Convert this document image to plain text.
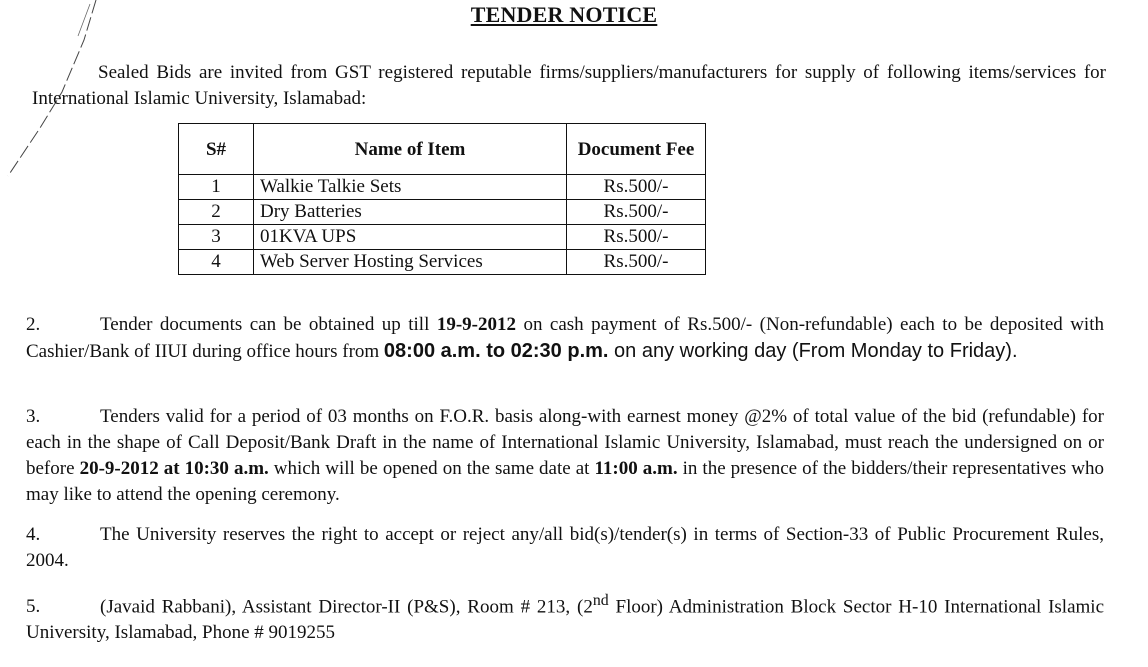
TENDER NOTICE
Sealed Bids are invited from GST registered reputable firms/suppliers/manufacturers for supply of following items/services for International Islamic University, Islamabad:
S#	Name of Item	Document Fee
1	Walkie Talkie Sets	Rs.500/-
2	Dry Batteries	Rs.500/-
3	01KVA UPS	Rs.500/-
4	Web Server Hosting Services	Rs.500/-
2.	Tender documents can be obtained up till 19-9-2012 on cash payment of Rs.500/- (Non-refundable) each to be deposited with Cashier/Bank of IIUI during office hours from 08:00 a.m. to 02:30 p.m. on any working day (From Monday to Friday).
3.	Tenders valid for a period of 03 months on F.O.R. basis along-with earnest money @2% of total value of the bid (refundable) for each in the shape of Call Deposit/Bank Draft in the name of International Islamic University, Islamabad, must reach the undersigned on or before 20-9-2012 at 10:30 a.m. which will be opened on the same date at 11:00 a.m. in the presence of the bidders/their representatives who may like to attend the opening ceremony.
4.	The University reserves the right to accept or reject any/all bid(s)/tender(s) in terms of Section-33 of Public Procurement Rules, 2004.
5.	(Javaid Rabbani), Assistant Director-II (P&S), Room # 213, (2nd Floor) Administration Block Sector H-10 International Islamic University, Islamabad, Phone # 9019255
